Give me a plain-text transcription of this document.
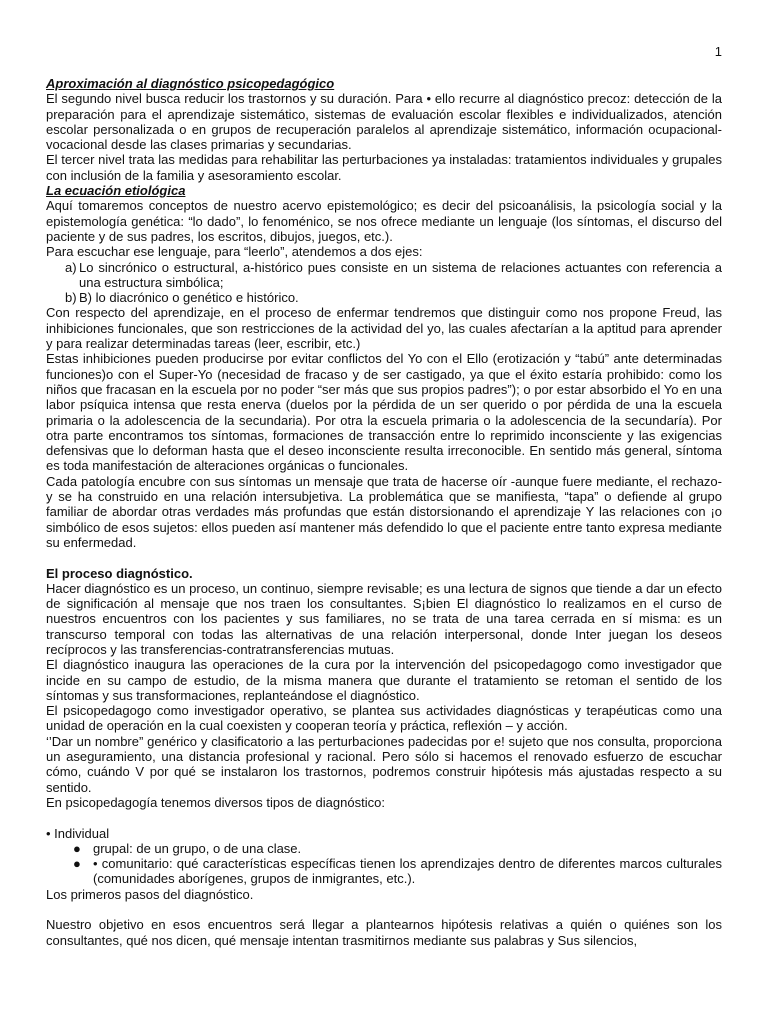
1

Aproximación al diagnóstico psicopedagógico

El segundo nivel busca reducir los trastornos y su duración. Para • ello recurre al diagnóstico precoz: detección de la preparación para el aprendizaje sistemático, sistemas de evaluación escolar flexibles e individualizados, atención escolar personalizada o en grupos de recuperación paralelos al aprendizaje sistemático, información ocupacional-vocacional desde las clases primarias y secundarias.

El tercer nivel trata las medidas para rehabilitar las perturbaciones ya instaladas: tratamientos individuales y grupales con inclusión de la familia y asesoramiento escolar.

La ecuación etiológica

Aquí tomaremos conceptos de nuestro acervo epistemológico; es decir del psicoanálisis, la psicología social y la epistemología genética: “lo dado”, lo fenoménico, se nos ofrece mediante un lenguaje (los síntomas, el discurso del paciente y de sus padres, los escritos, dibujos, juegos, etc.).

Para escuchar ese lenguaje, para “leerlo”, atendemos a dos ejes:

a) Lo sincrónico o estructural, a-histórico pues consiste en un sistema de relaciones actuantes con referencia a una estructura simbólica;
b) B) lo diacrónico o genético e histórico.

Con respecto del aprendizaje, en el proceso de enfermar tendremos que distinguir como nos propone Freud, las inhibiciones funcionales, que son restricciones de la actividad del yo, las cuales afectarían a la aptitud para aprender y para realizar determinadas tareas (leer, escribir, etc.)

Estas inhibiciones pueden producirse por evitar conflictos del Yo con el Ello (erotización y “tabú” ante determinadas funciones)o con el Super-Yo (necesidad de fracaso y de ser castigado, ya que el éxito estaría prohibido: como los niños que fracasan en la escuela por no poder “ser más que sus propios padres”); o por estar absorbido el Yo en una labor psíquica intensa que resta enerva (duelos por la pérdida de un ser querido o por pérdida de una la escuela primaria o la adolescencia de la secundaria). Por otra la escuela primaria o la adolescencia de la secundaría). Por otra parte encontramos tos síntomas, formaciones de transacción entre lo reprimido inconsciente y las exigencias defensivas que lo deforman hasta que el deseo inconsciente resulta irreconocible. En sentido más general, síntoma es toda manifestación de alteraciones orgánicas o funcionales.

Cada patología encubre con sus síntomas un mensaje que trata de hacerse oír -aunque fuere mediante, el rechazo- y se ha construido en una relación intersubjetiva. La problemática que se manifiesta, “tapa” o defiende al grupo familiar de abordar otras verdades más profundas que están distorsionando el aprendizaje Y las relaciones con ¡o simbólico de esos sujetos: ellos pueden así mantener más defendido lo que el paciente entre tanto expresa mediante su enfermedad.

El proceso diagnóstico.

Hacer diagnóstico es un proceso, un continuo, siempre revisable; es una lectura de signos que tiende a dar un efecto de significación al mensaje que nos traen los consultantes. S¡bien El diagnóstico lo realizamos en el curso de nuestros encuentros con los pacientes y sus familiares, no se trata de una tarea cerrada en sí misma: es un transcurso temporal con todas las alternativas de una relación interpersonal, donde Inter juegan los deseos recíprocos y las transferencias-contratransferencias mutuas.

El diagnóstico inaugura las operaciones de la cura por la intervención del psicopedagogo como investigador que incide en su campo de estudio, de la misma manera que durante el tratamiento se retoman el sentido de los síntomas y sus transformaciones, replanteándose el diagnóstico.

El psicopedagogo como investigador operativo, se plantea sus actividades diagnósticas y terapéuticas como una unidad de operación en la cual coexisten y cooperan teoría y práctica, reflexión – y acción.

‘’Dar un nombre” genérico y clasificatorio a las perturbaciones padecidas por e! sujeto que nos consulta, proporciona un aseguramiento, una distancia profesional y racional. Pero sólo si hacemos el renovado esfuerzo de escuchar cómo, cuándo V por qué se instalaron los trastornos, podremos construir hipótesis más ajustadas respecto a su sentido.

En psicopedagogía tenemos diversos tipos de diagnóstico:

• Individual

● grupal: de un grupo, o de una clase.
● • comunitario: qué características específicas tienen los aprendizajes dentro de diferentes marcos culturales (comunidades aborígenes, grupos de inmigrantes, etc.).

Los primeros pasos del diagnóstico.

Nuestro objetivo en esos encuentros será llegar a plantearnos hipótesis relativas a quién o quiénes son los consultantes, qué nos dicen, qué mensaje intentan trasmitirnos mediante sus palabras y Sus silencios,
